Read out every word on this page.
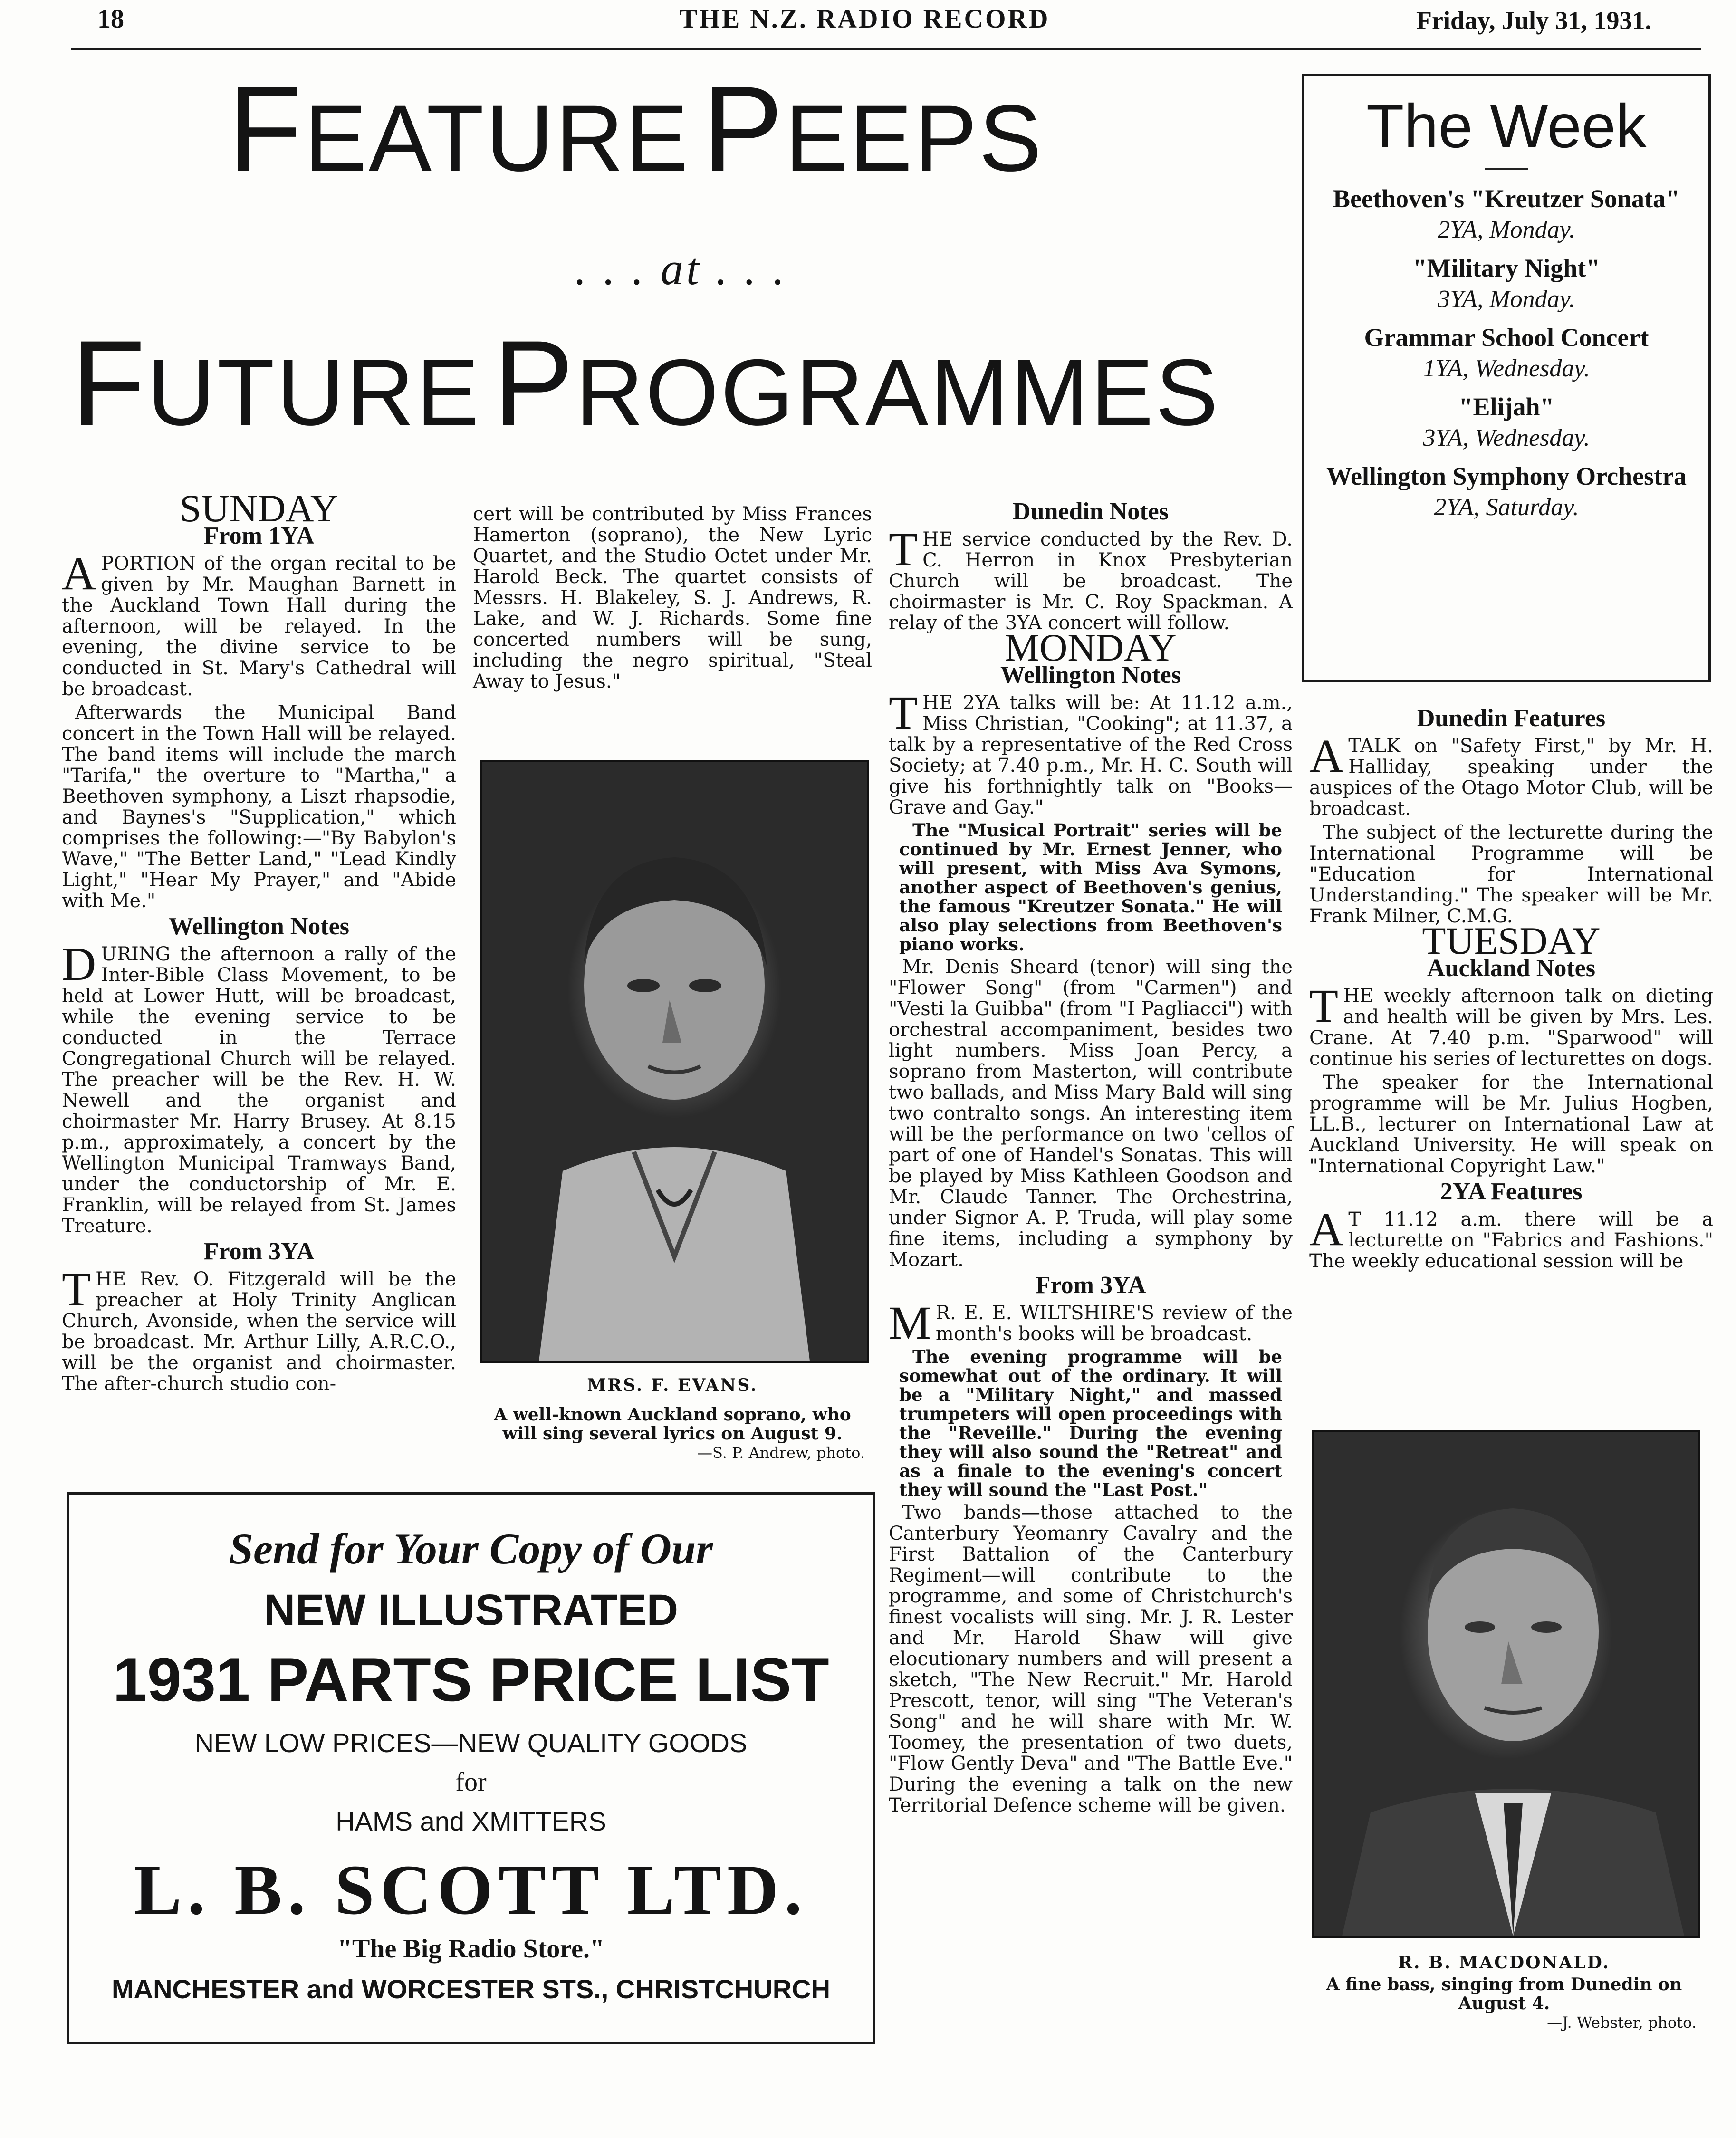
18	THE N.Z. RADIO RECORD	Friday, July 31, 1931.
FEATURE   PEEPS
. . . at . . .
FUTURE   PROGRAMMES
The Week
Beethoven's "Kreutzer Sonata"
2YA, Monday.
"Military Night"
3YA, Monday.
Grammar School Concert
1YA, Wednesday.
"Elijah"
3YA, Wednesday.
Wellington Symphony Orchestra
2YA, Saturday.
SUNDAY
From 1YA

APORTION of the organ recital to be given by Mr. Maughan Barnett in the Auckland Town Hall during the afternoon, will be relayed. In the evening, the divine service to be conducted in St. Mary's Cathedral will be broadcast.

Afterwards the Municipal Band concert in the Town Hall will be relayed. The band items will include the march "Tarifa," the overture to "Martha," a Beethoven symphony, a Liszt rhapsodie, and Baynes's "Supplication," which comprises the following:—"By Babylon's Wave," "The Better Land," "Lead Kindly Light," "Hear My Prayer," and "Abide with Me."

Wellington Notes

DURING the afternoon a rally of the Inter-Bible Class Movement, to be held at Lower Hutt, will be broadcast, while the evening service to be conducted in the Terrace Congregational Church will be relayed. The preacher will be the Rev. H. W. Newell and the organist and choirmaster Mr. Harry Brusey. At 8.15 p.m., approximately, a concert by the Wellington Municipal Tramways Band, under the conductorship of Mr. E. Franklin, will be relayed from St. James Treature.

From 3YA

THE Rev. O. Fitzgerald will be the preacher at Holy Trinity Anglican Church, Avonside, when the service will be broadcast. Mr. Arthur Lilly, A.R.C.O., will be the organist and choirmaster. The after-church studio con-

cert will be contributed by Miss Frances Hamerton (soprano), the New Lyric Quartet, and the Studio Octet under Mr. Harold Beck. The quartet consists of Messrs. H. Blakeley, S. J. Andrews, R. Lake, and W. J. Richards. Some fine concerted numbers will be sung, including the negro spiritual, "Steal Away to Jesus."

MRS. F. EVANS.
A well-known Auckland soprano, who will sing several lyrics on August 9.
—S. P. Andrew, photo.
Dunedin Notes

THE service conducted by the Rev. D. C. Herron in Knox Presbyterian Church will be broadcast. The choirmaster is Mr. C. Roy Spackman. A relay of the 3YA concert will follow.

MONDAY
Wellington Notes

THE 2YA talks will be: At 11.12 a.m., Miss Christian, "Cooking"; at 11.37, a talk by a representative of the Red Cross Society; at 7.40 p.m., Mr. H. C. South will give his forthnightly talk on "Books—Grave and Gay."

The "Musical Portrait" series will be continued by Mr. Ernest Jenner, who will present, with Miss Ava Symons, another aspect of Beethoven's genius, the famous "Kreutzer Sonata." He will also play selections from Beethoven's piano works.

Mr. Denis Sheard (tenor) will sing the "Flower Song" (from "Carmen") and "Vesti la Guibba" (from "I Pagliacci") with orchestral accompaniment, besides two light numbers. Miss Joan Percy, a soprano from Masterton, will contribute two ballads, and Miss Mary Bald will sing two contralto songs. An interesting item will be the performance on two 'cellos of part of one of Handel's Sonatas. This will be played by Miss Kathleen Goodson and Mr. Claude Tanner. The Orchestrina, under Signor A. P. Truda, will play some fine items, including a symphony by Mozart.

From 3YA

M R. E. E. WILTSHIRE'S review of the month's books will be broadcast.

The evening programme will be somewhat out of the ordinary. It will be a "Military Night," and massed trumpeters will open proceedings with the "Reveille." During the evening they will also sound the "Retreat" and as a finale to the evening's concert they will sound the "Last Post."

Two bands—those attached to the Canterbury Yeomanry Cavalry and the First Battalion of the Canterbury Regiment—will contribute to the programme, and some of Christchurch's finest vocalists will sing. Mr. J. R. Lester and Mr. Harold Shaw will give elocutionary numbers and will present a sketch, "The New Recruit." Mr. Harold Prescott, tenor, will sing "The Veteran's Song" and he will share with Mr. W. Toomey, the presentation of two duets, "Flow Gently Deva" and "The Battle Eve." During the evening a talk on the new Territorial Defence scheme will be given.

Dunedin Features

ATALK on "Safety First," by Mr. H. Halliday, speaking under the auspices of the Otago Motor Club, will be broadcast.

The subject of the lecturette during the International Programme will be "Education for International Understanding." The speaker will be Mr. Frank Milner, C.M.G.

TUESDAY
Auckland Notes

THE weekly afternoon talk on dieting and health will be given by Mrs. Les. Crane. At 7.40 p.m. "Sparwood" will continue his series of lecturettes on dogs.

The speaker for the International programme will be Mr. Julius Hogben, LL.B., lecturer on International Law at Auckland University. He will speak on "International Copyright Law."

2YA Features

A T 11.12 a.m. there will be a lecturette on "Fabrics and Fashions." The weekly educational session will be

R. B. MACDONALD.
A fine bass, singing from Dunedin on August 4.
—J. Webster, photo.
Send for Your Copy of Our
NEW ILLUSTRATED
1931 PARTS PRICE LIST
NEW LOW PRICES—NEW QUALITY GOODS
for
HAMS and XMITTERS
L. B. SCOTT LTD.
"The Big Radio Store."
MANCHESTER and WORCESTER STS., CHRISTCHURCH
